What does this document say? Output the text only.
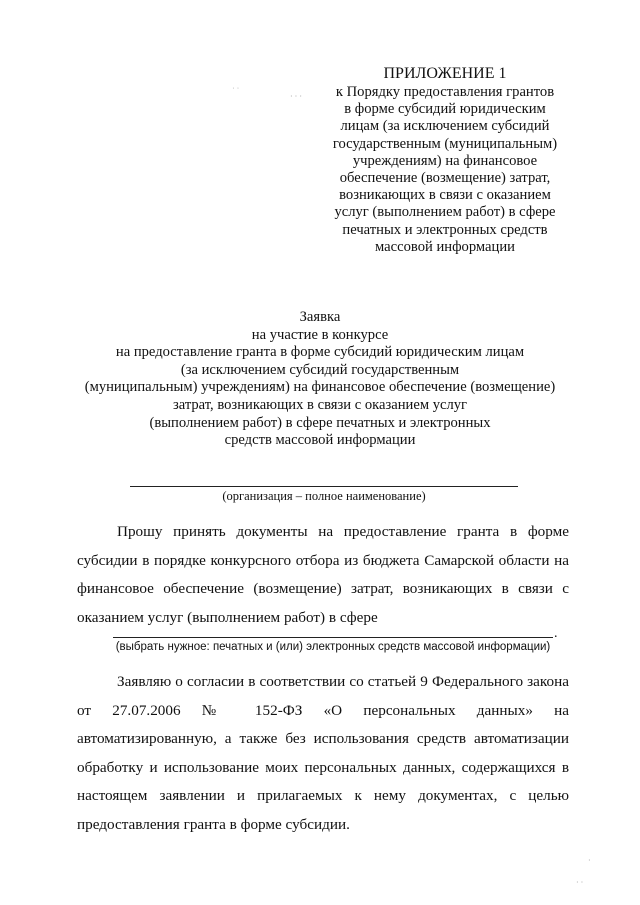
ПРИЛОЖЕНИЕ 1
к Порядку предоставления грантов
в форме субсидий юридическим
лицам (за исключением субсидий
государственным (муниципальным)
учреждениям) на финансовое
обеспечение (возмещение) затрат,
возникающих в связи с оказанием
услуг (выполнением работ) в сфере
печатных и электронных средств
массовой информации
Заявка
на участие в конкурсе
на предоставление гранта в форме субсидий юридическим лицам
(за исключением субсидий государственным
(муниципальным) учреждениям) на финансовое обеспечение (возмещение)
затрат, возникающих в связи с оказанием услуг
(выполнением работ) в сфере печатных и электронных
средств массовой информации
(организация – полное наименование)

Прошу принять документы на предоставление гранта в форме субсидии в порядке конкурсного отбора из бюджета Самарской области на финансовое обеспечение (возмещение) затрат, возникающих в связи с оказанием услуг (выполнением работ) в сфере

.
(выбрать нужное: печатных и (или) электронных средств массовой информации)

Заявляю о согласии в соответствии со статьей 9 Федерального закона от 27.07.2006 № 152-ФЗ «О персональных данных» на автоматизированную, а также без использования средств автоматизации обработку и использование моих персональных данных, содержащихся в настоящем заявлении и прилагаемых к нему документах, с целью предоставления гранта в форме субсидии.

˙ ˙
· · ·
·
· ·
